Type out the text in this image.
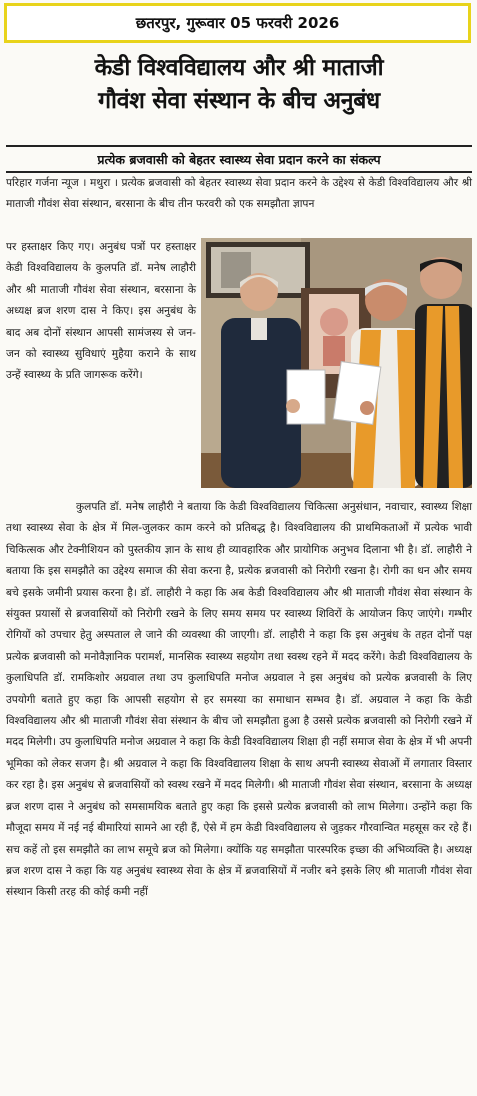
छतरपुर, गुरूवार 05 फरवरी 2026
केडी विश्वविद्यालय और श्री माताजी
गौवंश सेवा संस्थान के बीच अनुबंध
प्रत्येक ब्रजवासी को बेहतर स्वास्थ्य सेवा प्रदान करने का संकल्प

परिहार गर्जना न्यूज । मथुरा । प्रत्येक ब्रजवासी को बेहतर स्वास्थ्य सेवा प्रदान करने के उद्देश्य से केडी विश्वविद्यालय और श्री माताजी गौवंश सेवा संस्थान, बरसाना के बीच तीन फरवरी को एक समझौता ज्ञापन

पर हस्ताक्षर किए गए। अनुबंध पत्रों पर हस्ताक्षर केडी विश्वविद्यालय के कुलपति डॉ. मनेष लाहौरी और श्री माताजी गौवंश सेवा संस्थान, बरसाना के अध्यक्ष ब्रज शरण दास ने किए। इस अनुबंध के बाद अब दोनों संस्थान आपसी सामंजस्य से जन-जन को स्वास्थ्य सुविधाएं मुहैया कराने के साथ उन्हें स्वास्थ्य के प्रति जागरूक करेंगे।

कुलपति डॉ. मनेष लाहौरी ने बताया कि केडी विश्वविद्यालय चिकित्सा अनुसंधान, नवाचार, स्वास्थ्य शिक्षा तथा स्वास्थ्य सेवा के क्षेत्र में मिल-जुलकर काम करने को प्रतिबद्ध है। विश्वविद्यालय की प्राथमिकताओं में प्रत्येक भावी चिकित्सक और टेक्नीशियन को पुस्तकीय ज्ञान के साथ ही व्यावहारिक और प्रायोगिक अनुभव दिलाना भी है। डॉ. लाहौरी ने बताया कि इस समझौते का उद्देश्य समाज की सेवा करना है, प्रत्येक ब्रजवासी को निरोगी रखना है। रोगी का धन और समय बचे इसके जमीनी प्रयास करना है। डॉ. लाहौरी ने कहा कि अब केडी विश्वविद्यालय और श्री माताजी गौवंश सेवा संस्थान के संयुक्त प्रयासों से ब्रजवासियों को निरोगी रखने के लिए समय समय पर स्वास्थ्य शिविरों के आयोजन किए जाएंगे। गम्भीर रोगियों को उपचार हेतु अस्पताल ले जाने की व्यवस्था की जाएगी। डॉ. लाहौरी ने कहा कि इस अनुबंध के तहत दोनों पक्ष प्रत्येक ब्रजवासी को मनोवैज्ञानिक परामर्श, मानसिक स्वास्थ्य सहयोग तथा स्वस्थ रहने में मदद करेंगे। केडी विश्वविद्यालय के कुलाधिपति डॉ. रामकिशोर अग्रवाल तथा उप कुलाधिपति मनोज अग्रवाल ने इस अनुबंध को प्रत्येक ब्रजवासी के लिए उपयोगी बताते हुए कहा कि आपसी सहयोग से हर समस्या का समाधान सम्भव है। डॉ. अग्रवाल ने कहा कि केडी विश्वविद्यालय और श्री माताजी गौवंश सेवा संस्थान के बीच जो समझौता हुआ है उससे प्रत्येक ब्रजवासी को निरोगी रखने में मदद मिलेगी। उप कुलाधिपति मनोज अग्रवाल ने कहा कि केडी विश्वविद्यालय शिक्षा ही नहीं समाज सेवा के क्षेत्र में भी अपनी भूमिका को लेकर सजग है। श्री अग्रवाल ने कहा कि विश्वविद्यालय शिक्षा के साथ अपनी स्वास्थ्य सेवाओं में लगातार विस्तार कर रहा है। इस अनुबंध से ब्रजवासियों को स्वस्थ रखने में मदद मिलेगी। श्री माताजी गौवंश सेवा संस्थान, बरसाना के अध्यक्ष ब्रज शरण दास ने अनुबंध को समसामयिक बताते हुए कहा कि इससे प्रत्येक ब्रजवासी को लाभ मिलेगा। उन्होंने कहा कि मौजूदा समय में नई नई बीमारियां सामने आ रही हैं, ऐसे में हम केडी विश्वविद्यालय से जुड़कर गौरवान्वित महसूस कर रहे हैं। सच कहें तो इस समझौते का लाभ समूचे ब्रज को मिलेगा। क्योंकि यह समझौता पारस्परिक इच्छा की अभिव्यक्ति है। अध्यक्ष ब्रज शरण दास ने कहा कि यह अनुबंध स्वास्थ्य सेवा के क्षेत्र में ब्रजवासियों में नजीर बने इसके लिए श्री माताजी गौवंश सेवा संस्थान किसी तरह की कोई कमी नहीं
